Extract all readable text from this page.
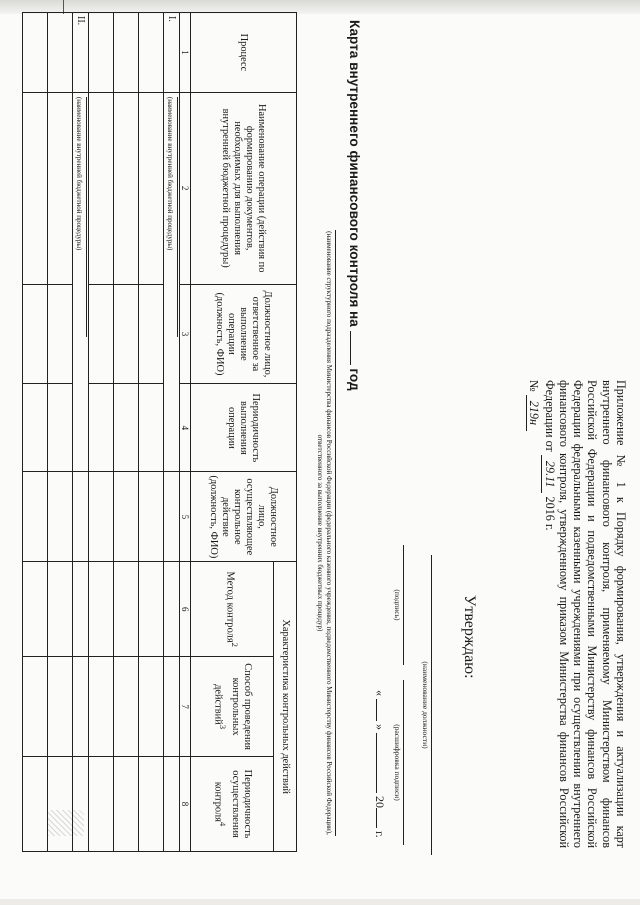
Приложение № 1 к Порядку формирования, утверждения и актуализации карт внутреннего финансового контроля, применяемому Министерством финансов Российской Федерации и подведомственными Министерству финансов Российской Федерации федеральными казенными учреждениями при осуществлении внутреннего финансового контроля, утвержденному приказом Министерства финансов Российской Федерации от 29.11 2016 г.
№ 219н
Утверждаю:
(наименование должности)
(подпись)
(расшифровка подписи)
«  »  20 г.
Карта внутреннего финансового контроля на  год
(наименование структурного подразделения Министерства финансов Российской Федерации (федерального казенного учреждения, подведомственного Министерству финансов Российской Федерации), ответственного за выполнение внутренних бюджетных процедур)
Процесс	Наименование операции (действия по формированию документов, необходимых для выполнения внутренней бюджетной процедуры)	Должностное лицо, ответственное за выполнение операции (должность, ФИО)	Периодичность выполнения операции	Должностное лицо, осуществляющее контрольное действие (должность, ФИО)	Характеристика контрольных действий		
					Метод контроля$^2$	Способ проведения контрольных действий$^3$	Периодичность осуществления контроля$^4$
1	2	3	4	5	6	7	8
I.	(наименование внутренней бюджетной процедуры)						

II.	(наименование внутренней бюджетной процедуры)						
